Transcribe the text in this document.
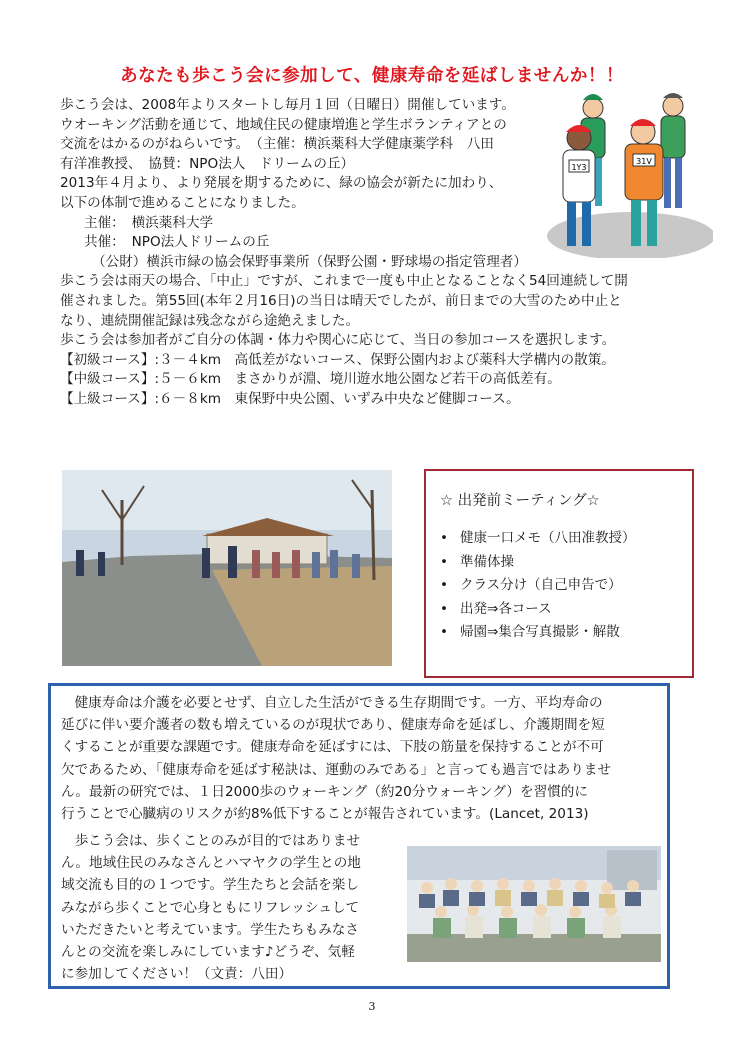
あなたも歩こう会に参加して、健康寿命を延ばしませんか！！

歩こう会は、2008年よりスタートし毎月１回（日曜日）開催しています。

ウオーキング活動を通じて、地域住民の健康増進と学生ボランティアとの

交流をはかるのがねらいです。　（主催：横浜薬科大学健康薬学科　八田

有洋准教授、　協賛：NPO法人　ドリームの丘）

2013年４月より、より発展を期するために、緑の協会が新たに加わり、

以下の体制で進めることになりました。

主催：　横浜薬科大学

共催：　NPO法人ドリームの丘

（公財）横浜市緑の協会保野事業所（保野公園・野球場の指定管理者）

歩こう会は雨天の場合、「中止」ですが、これまで一度も中止となることなく54回連続して開

催されました。第55回(本年２月16日)の当日は晴天でしたが、前日までの大雪のため中止と

なり、連続開催記録は残念ながら途絶えました。

歩こう会は参加者がご自分の体調・体力や関心に応じて、当日の参加コースを選択します。

【初級コース】:３－４km　高低差がないコース、保野公園内および薬科大学構内の散策。

【中級コース】:５－６km　まさかりが淵、境川遊水地公園など若干の高低差有。

【上級コース】:６－８km　東保野中央公園、いずみ中央など健脚コース。

1Y3
31V
☆ 出発前ミーティング☆
• 健康一口メモ（八田准教授）
• 準備体操
• クラス分け（自己申告で）
• 出発⇒各コース
• 帰園⇒集合写真撮影・解散

　健康寿命は介護を必要とせず、自立した生活ができる生存期間です。一方、平均寿命の

延びに伴い要介護者の数も増えているのが現状であり、健康寿命を延ばし、介護期間を短

くすることが重要な課題です。健康寿命を延ばすには、下肢の筋量を保持することが不可

欠であるため、「健康寿命を延ばす秘訣は、運動のみである」と言っても過言ではありませ

ん。最新の研究では、１日2000歩のウォーキング（約20分ウォーキング）を習慣的に

行うことで心臓病のリスクが約8%低下することが報告されています。(Lancet, 2013)

　歩こう会は、歩くことのみが目的ではありませ

ん。地域住民のみなさんとハマヤクの学生との地

域交流も目的の１つです。学生たちと会話を楽し

みながら歩くことで心身ともにリフレッシュして

いただきたいと考えています。学生たちもみなさ

んとの交流を楽しみにしています♪どうぞ、気軽

に参加してください！（文責：八田）

3
